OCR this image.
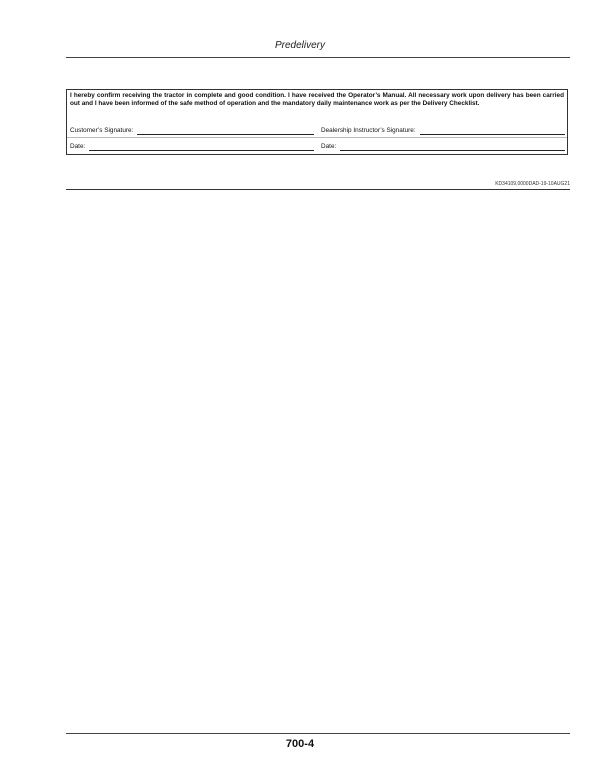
Predelivery
I hereby confirm receiving the tractor in complete and good condition. I have received the Operator’s Manual. All necessary work upon delivery has been carried out and I have been informed of the safe method of operation and the mandatory daily maintenance work as per the Delivery Checklist.
Customer’s Signature:	Dealership Instructor’s Signature:
Date:	Date:
KD34109,0000DAD-19-10AUG21
700-4
